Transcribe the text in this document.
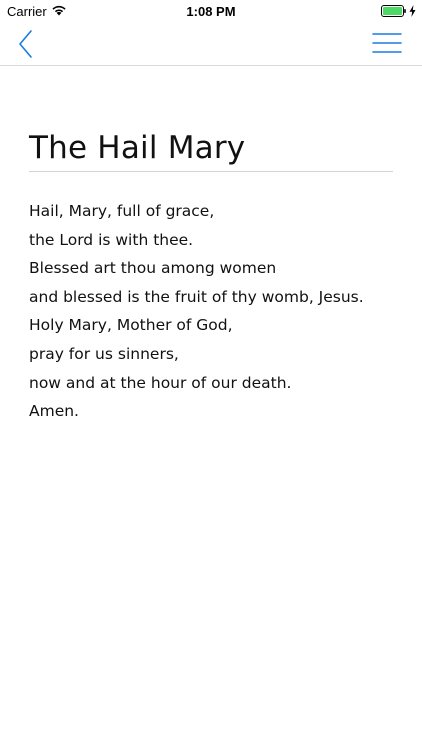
Carrier	1:08 PM
The Hail Mary
Hail, Mary, full of grace,
the Lord is with thee.
Blessed art thou among women
and blessed is the fruit of thy womb, Jesus.
Holy Mary, Mother of God,
pray for us sinners,
now and at the hour of our death.
Amen.
